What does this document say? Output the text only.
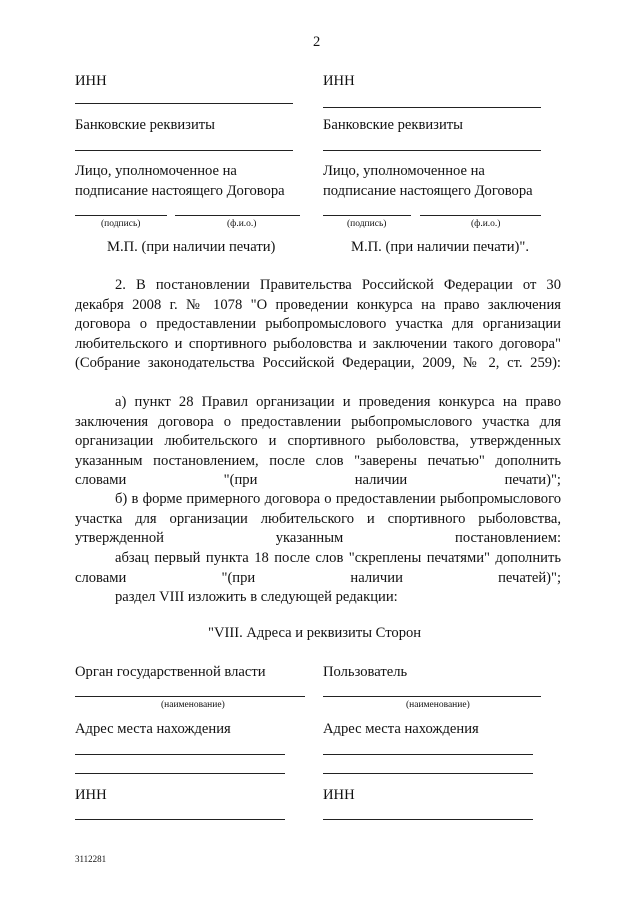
2
ИНН
Банковские реквизиты
Лицо, уполномоченное на
подписание настоящего Договора
(подпись)	(ф.и.о.)
М.П. (при наличии печати)
ИНН
Банковские реквизиты
Лицо, уполномоченное на
подписание настоящего Договора
(подпись)	(ф.и.о.)
М.П. (при наличии печати)".
2. В постановлении Правительства Российской Федерации от 30 декабря 2008 г. № 1078 "О проведении конкурса на право заключения договора о предоставлении рыбопромыслового участка для организации любительского и спортивного рыболовства и заключении такого договора" (Собрание законодательства Российской Федерации, 2009, № 2, ст. 259):
а) пункт 28 Правил организации и проведения конкурса на право заключения договора о предоставлении рыбопромыслового участка для организации любительского и спортивного рыболовства, утвержденных указанным постановлением, после слов "заверены печатью" дополнить словами "(при наличии печати)";
б) в форме примерного договора о предоставлении рыбопромыслового участка для организации любительского и спортивного рыболовства, утвержденной указанным постановлением:
абзац первый пункта 18 после слов "скреплены печатями" дополнить словами "(при наличии печатей)";
раздел VIII изложить в следующей редакции:
"VIII. Адреса и реквизиты Сторон
Орган государственной власти
(наименование)
Адрес места нахождения
ИНН
Пользователь
(наименование)
Адрес места нахождения
ИНН
3112281
